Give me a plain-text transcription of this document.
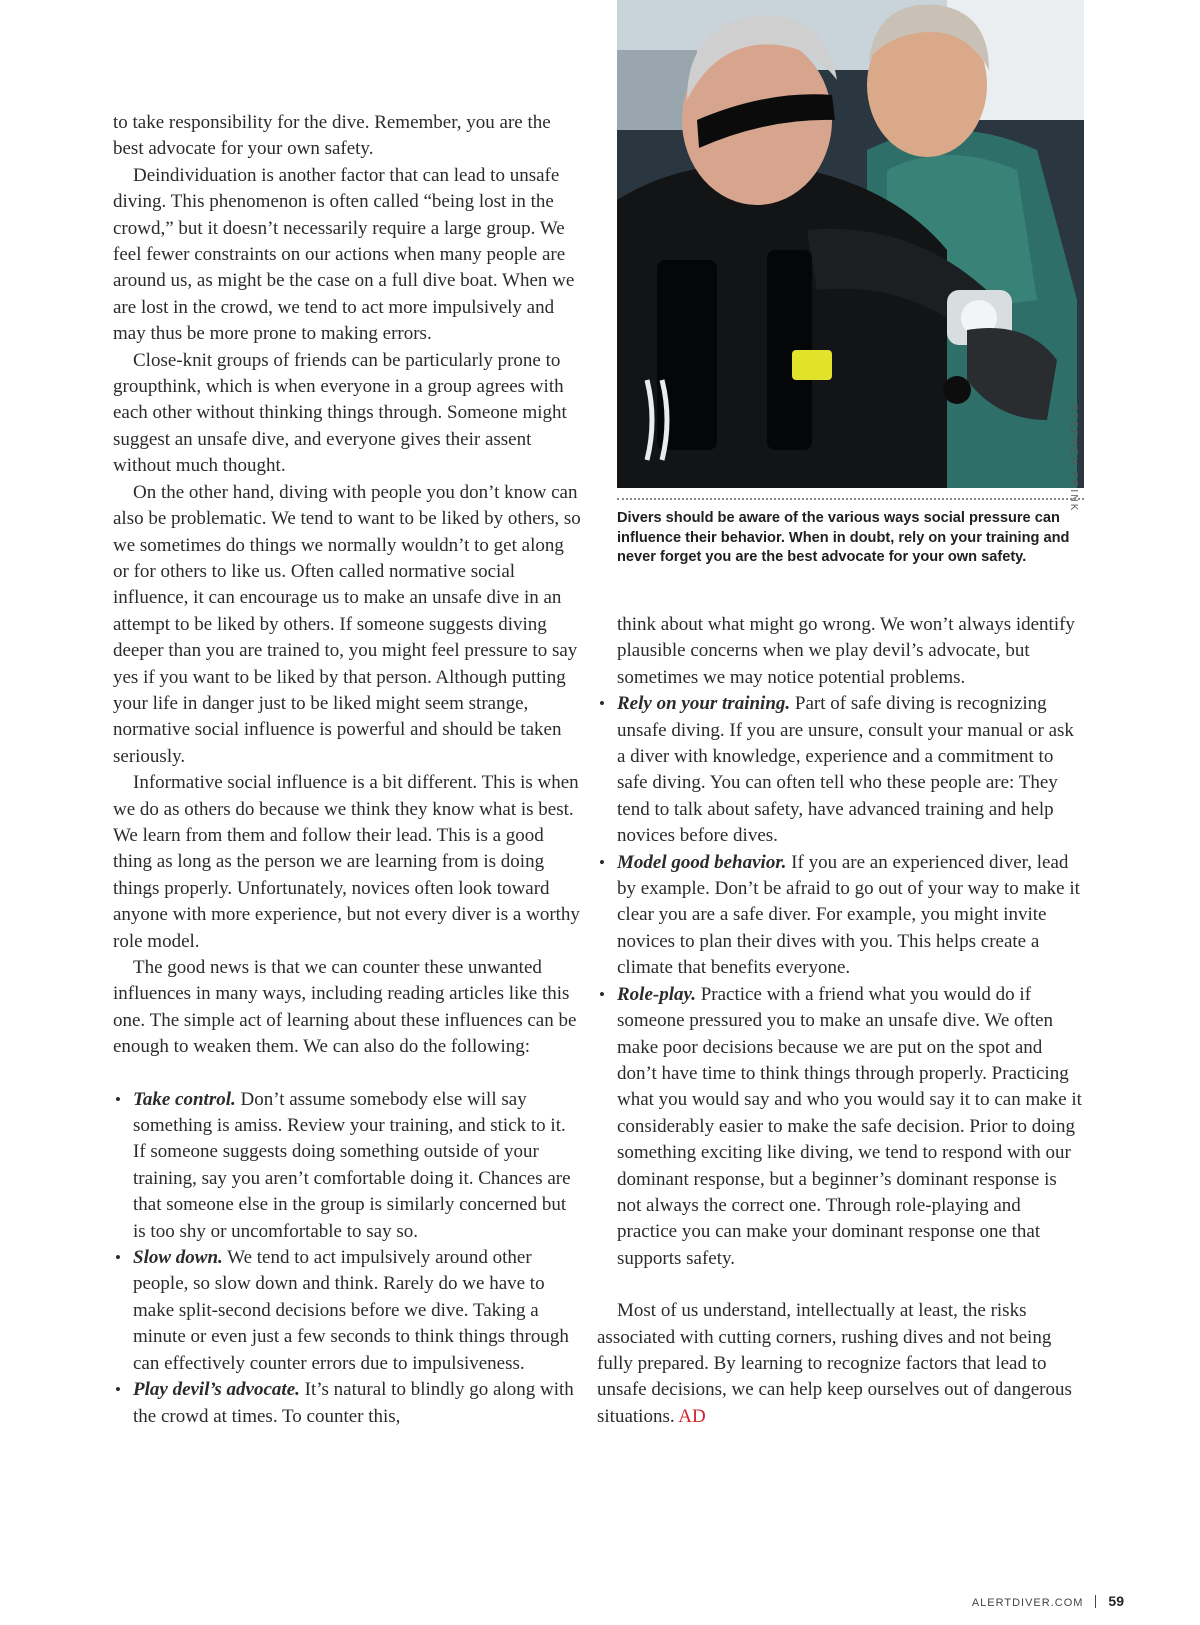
to take responsibility for the dive. Remember, you are the best advocate for your own safety.

Deindividuation is another factor that can lead to unsafe diving. This phenomenon is often called “being lost in the crowd,” but it doesn’t necessarily require a large group. We feel fewer constraints on our actions when many people are around us, as might be the case on a full dive boat. When we are lost in the crowd, we tend to act more impulsively and may thus be more prone to making errors.

Close-knit groups of friends can be particularly prone to groupthink, which is when everyone in a group agrees with each other without thinking things through. Someone might suggest an unsafe dive, and everyone gives their assent without much thought.

On the other hand, diving with people you don’t know can also be problematic. We tend to want to be liked by others, so we sometimes do things we normally wouldn’t to get along or for others to like us. Often called normative social influence, it can encourage us to make an unsafe dive in an attempt to be liked by others. If someone suggests diving deeper than you are trained to, you might feel pressure to say yes if you want to be liked by that person. Although putting your life in danger just to be liked might seem strange, normative social influence is powerful and should be taken seriously.

Informative social influence is a bit different. This is when we do as others do because we think they know what is best. We learn from them and follow their lead. This is a good thing as long as the person we are learning from is doing things properly. Unfortunately, novices often look toward anyone with more experience, but not every diver is a worthy role model.

The good news is that we can counter these unwanted influences in many ways, including reading articles like this one. The simple act of learning about these influences can be enough to weaken them. We can also do the following:

• Take control. Don’t assume somebody else will say something is amiss. Review your training, and stick to it. If someone suggests doing something outside of your training, say you aren’t comfortable doing it. Chances are that someone else in the group is similarly concerned but is too shy or uncomfortable to say so.
• Slow down. We tend to act impulsively around other people, so slow down and think. Rarely do we have to make split-second decisions before we dive. Taking a minute or even just a few seconds to think things through can effectively counter errors due to impulsiveness.
• Play devil’s advocate. It’s natural to blindly go along with the crowd at times. To counter this,
STEPHEN FRINK
Divers should be aware of the various ways social pressure can influence their behavior. When in doubt, rely on your training and never forget you are the best advocate for your own safety.

think about what might go wrong. We won’t always identify plausible concerns when we play devil’s advocate, but sometimes we may notice potential problems.

• Rely on your training. Part of safe diving is recognizing unsafe diving. If you are unsure, consult your manual or ask a diver with knowledge, experience and a commitment to safe diving. You can often tell who these people are: They tend to talk about safety, have advanced training and help novices before dives.
• Model good behavior. If you are an experienced diver, lead by example. Don’t be afraid to go out of your way to make it clear you are a safe diver. For example, you might invite novices to plan their dives with you. This helps create a climate that benefits everyone.
• Role-play. Practice with a friend what you would do if someone pressured you to make an unsafe dive. We often make poor decisions because we are put on the spot and don’t have time to think things through properly. Practicing what you would say and who you would say it to can make it considerably easier to make the safe decision. Prior to doing something exciting like diving, we tend to respond with our dominant response, but a beginner’s dominant response is not always the correct one. Through role-playing and practice you can make your dominant response one that supports safety.

Most of us understand, intellectually at least, the risks associated with cutting corners, rushing dives and not being fully prepared. By learning to recognize factors that lead to unsafe decisions, we can help keep ourselves out of dangerous situations. AD

ALERTDIVER.COM 59
